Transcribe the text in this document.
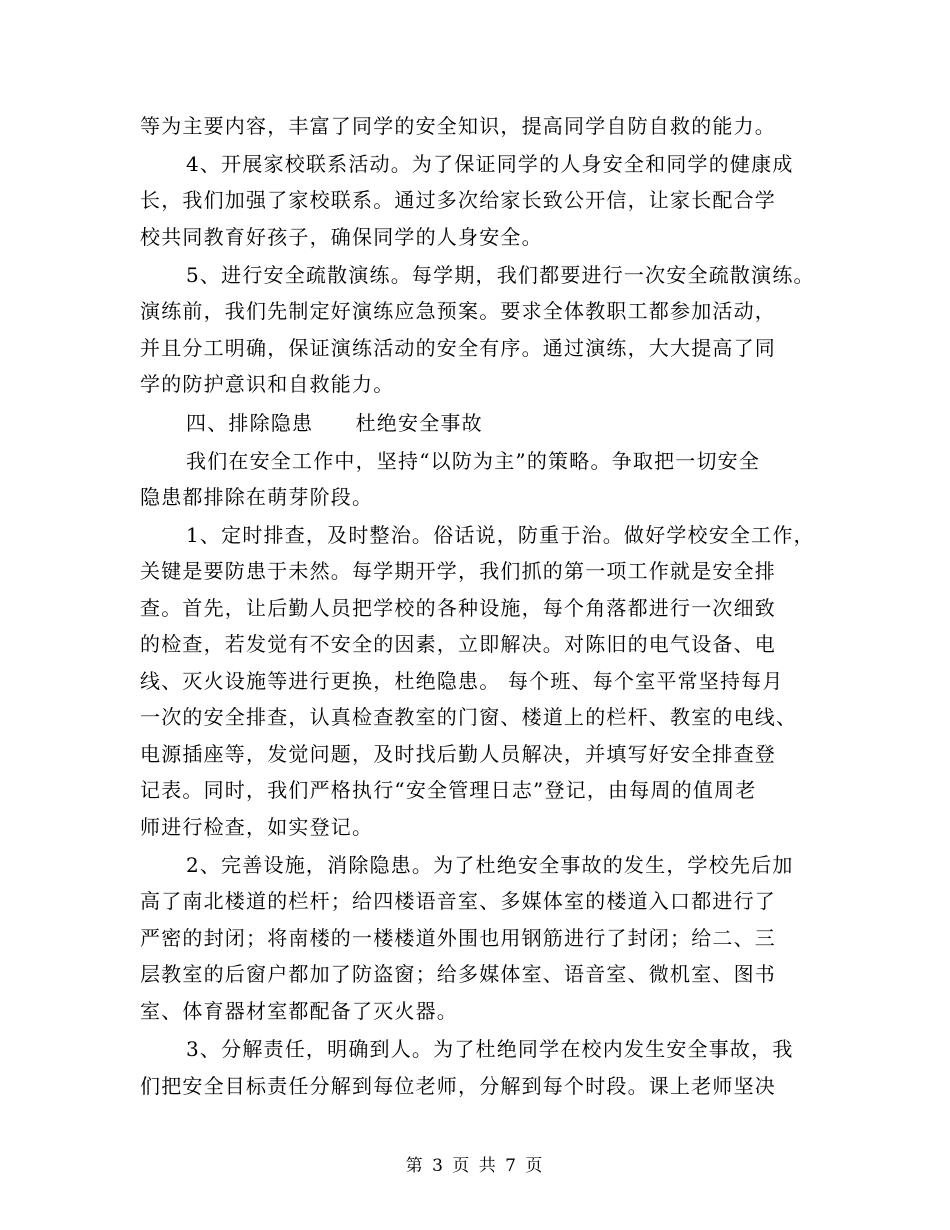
等为主要内容，丰富了同学的安全知识，提高同学自防自救的能力。
4、开展家校联系活动。为了保证同学的人身安全和同学的健康成
长，我们加强了家校联系。通过多次给家长致公开信，让家长配合学
校共同教育好孩子，确保同学的人身安全。
5、进行安全疏散演练。每学期，我们都要进行一次安全疏散演练。
演练前，我们先制定好演练应急预案。要求全体教职工都参加活动，
并且分工明确，保证演练活动的安全有序。通过演练，大大提高了同
学的防护意识和自救能力。
四、排除隐患　　杜绝安全事故
我们在安全工作中，坚持“以防为主”的策略。争取把一切安全
隐患都排除在萌芽阶段。
1、定时排查，及时整治。俗话说，防重于治。做好学校安全工作，
关键是要防患于未然。每学期开学，我们抓的第一项工作就是安全排
查。首先，让后勤人员把学校的各种设施，每个角落都进行一次细致
的检查，若发觉有不安全的因素，立即解决。对陈旧的电气设备、电
线、灭火设施等进行更换，杜绝隐患。 每个班、每个室平常坚持每月
一次的安全排查，认真检查教室的门窗、楼道上的栏杆、教室的电线、
电源插座等，发觉问题，及时找后勤人员解决，并填写好安全排查登
记表。同时，我们严格执行“安全管理日志”登记，由每周的值周老
师进行检查，如实登记。
2、完善设施，消除隐患。为了杜绝安全事故的发生，学校先后加
高了南北楼道的栏杆；给四楼语音室、多媒体室的楼道入口都进行了
严密的封闭；将南楼的一楼楼道外围也用钢筋进行了封闭；给二、三
层教室的后窗户都加了防盗窗；给多媒体室、语音室、微机室、图书
室、体育器材室都配备了灭火器。
3、分解责任，明确到人。为了杜绝同学在校内发生安全事故，我
们把安全目标责任分解到每位老师，分解到每个时段。课上老师坚决
第 3 页 共 7 页
